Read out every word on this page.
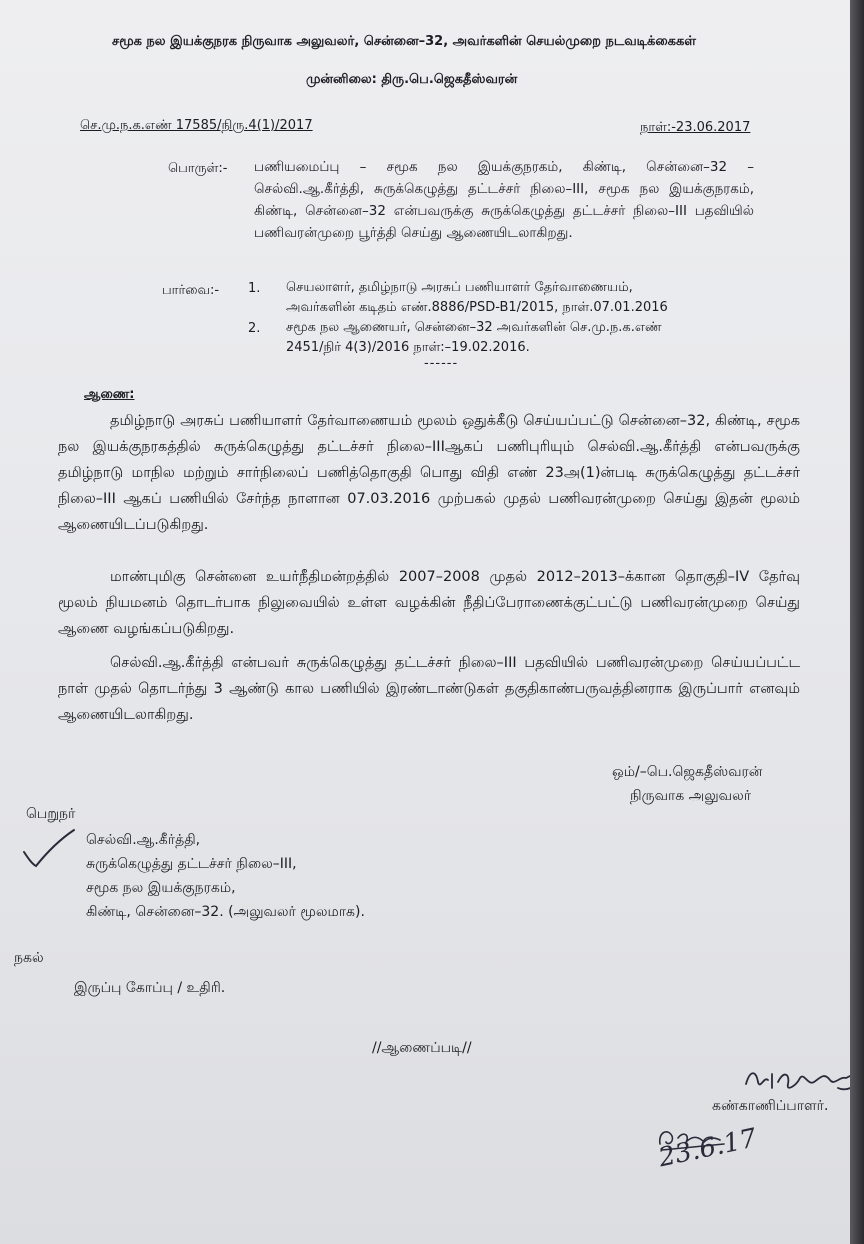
சமூக நல இயக்குநரக நிருவாக அலுவலர், சென்னை–32, அவர்களின் செயல்முறை நடவடிக்கைகள்
முன்னிலை: திரு.பெ.ஜெகதீஸ்வரன்
செ.மு.ந.க.எண் 17585/நிரு.4(1)/2017	நாள்:-23.06.2017
பொருள்:- பணியமைப்பு – சமூக நல இயக்குநரகம், கிண்டி, சென்னை–32 – செல்வி.ஆ.கீர்த்தி, சுருக்கெழுத்து தட்டச்சர் நிலை–III, சமூக நல இயக்குநரகம், கிண்டி, சென்னை–32 என்பவருக்கு சுருக்கெழுத்து தட்டச்சர் நிலை–III பதவியில் பணிவரன்முறை பூர்த்தி செய்து ஆணையிடலாகிறது.
பார்வை:- 1. செயலாளர், தமிழ்நாடு அரசுப் பணியாளர் தேர்வாணையம்,
அவர்களின் கடிதம் எண்.8886/PSD-B1/2015, நாள்.07.01.2016
2. சமூக நல ஆணையர், சென்னை–32 அவர்களின் செ.மு.ந.க.எண்
2451/நிர் 4(3)/2016 நாள்:–19.02.2016.
------
ஆணை:
தமிழ்நாடு அரசுப் பணியாளர் தேர்வாணையம் மூலம் ஒதுக்கீடு செய்யப்பட்டு சென்னை–32, கிண்டி, சமூக நல இயக்குநரகத்தில் சுருக்கெழுத்து தட்டச்சர் நிலை–IIIஆகப் பணிபுரியும் செல்வி.ஆ.கீர்த்தி என்பவருக்கு தமிழ்நாடு மாநில மற்றும் சார்நிலைப் பணித்தொகுதி பொது விதி எண் 23அ(1)ன்படி சுருக்கெழுத்து தட்டச்சர் நிலை–III ஆகப் பணியில் சேர்ந்த நாளான 07.03.2016 முற்பகல் முதல் பணிவரன்முறை செய்து இதன் மூலம் ஆணையிடப்படுகிறது.
மாண்புமிகு சென்னை உயர்நீதிமன்றத்தில் 2007–2008 முதல் 2012–2013–க்கான தொகுதி–IV தேர்வு மூலம் நியமனம் தொடர்பாக நிலுவையில் உள்ள வழக்கின் நீதிப்பேராணைக்குட்பட்டு பணிவரன்முறை செய்து ஆணை வழங்கப்படுகிறது.
செல்வி.ஆ.கீர்த்தி என்பவர் சுருக்கெழுத்து தட்டச்சர் நிலை–III பதவியில் பணிவரன்முறை செய்யப்பட்ட நாள் முதல் தொடர்ந்து 3 ஆண்டு கால பணியில் இரண்டாண்டுகள் தகுதிகாண்பருவத்தினராக இருப்பார் எனவும் ஆணையிடலாகிறது.
ஒம்/–பெ.ஜெகதீஸ்வரன்
நிருவாக அலுவலர்
பெறுநர்
செல்வி.ஆ.கீர்த்தி,
சுருக்கெழுத்து தட்டச்சர் நிலை–III,
சமூக நல இயக்குநரகம்,
கிண்டி, சென்னை–32. (அலுவலர் மூலமாக).
நகல்
இருப்பு கோப்பு / உதிரி.
//ஆணைப்படி//
கண்காணிப்பாளர்.
23.6.17
